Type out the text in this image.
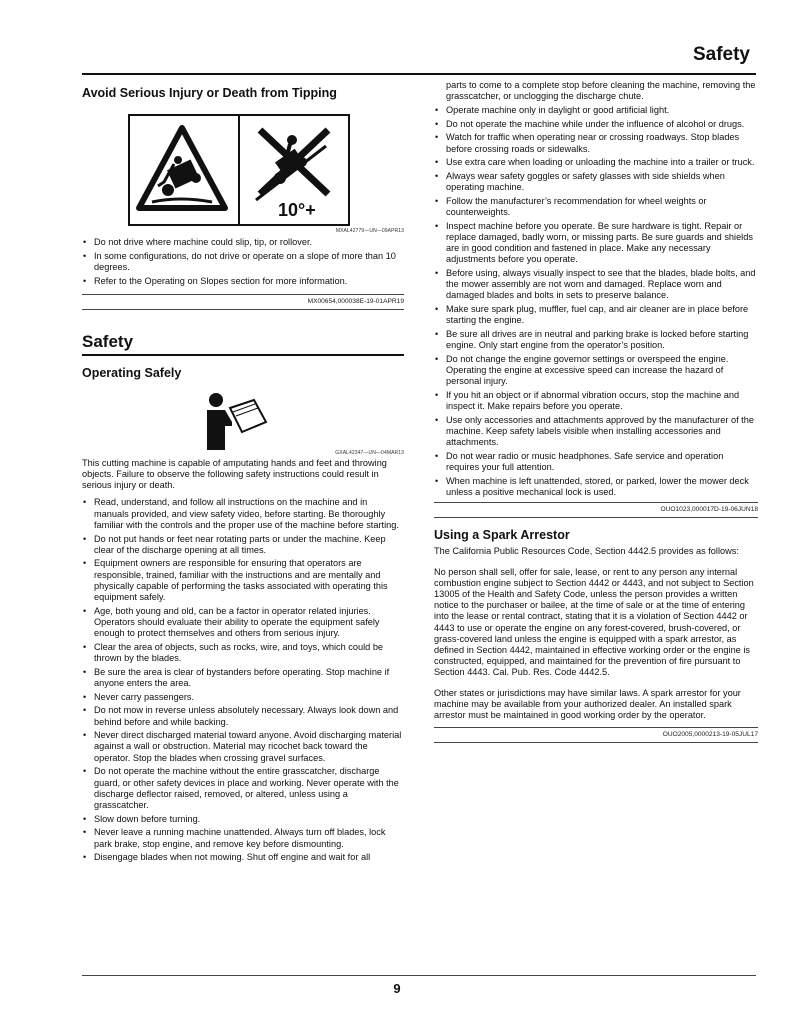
Safety
Avoid Serious Injury or Death from Tipping
10°+
MXAL42779—UN—09APR13
• Do not drive where machine could slip, tip, or rollover.
• In some configurations, do not drive or operate on a slope of more than 10 degrees.
• Refer to the Operating on Slopes section for more information.
MX00654,000038E-19-01APR19
Safety
Operating Safely
GXAL42347—UN—04MAR13

This cutting machine is capable of amputating hands and feet and throwing objects. Failure to observe the following safety instructions could result in serious injury or death.

• Read, understand, and follow all instructions on the machine and in manuals provided, and view safety video, before starting. Be thoroughly familiar with the controls and the proper use of the machine before starting.
• Do not put hands or feet near rotating parts or under the machine. Keep clear of the discharge opening at all times.
• Equipment owners are responsible for ensuring that operators are responsible, trained, familiar with the instructions and are mentally and physically capable of performing the tasks associated with operating this equipment safely.
• Age, both young and old, can be a factor in operator related injuries. Operators should evaluate their ability to operate the equipment safely enough to protect themselves and others from serious injury.
• Clear the area of objects, such as rocks, wire, and toys, which could be thrown by the blades.
• Be sure the area is clear of bystanders before operating. Stop machine if anyone enters the area.
• Never carry passengers.
• Do not mow in reverse unless absolutely necessary. Always look down and behind before and while backing.
• Never direct discharged material toward anyone. Avoid discharging material against a wall or obstruction. Material may ricochet back toward the operator. Stop the blades when crossing gravel surfaces.
• Do not operate the machine without the entire grasscatcher, discharge guard, or other safety devices in place and working. Never operate with the discharge deflector raised, removed, or altered, unless using a grasscatcher.
• Slow down before turning.
• Never leave a running machine unattended. Always turn off blades, lock park brake, stop engine, and remove key before dismounting.
• Disengage blades when not mowing. Shut off engine and wait for all

parts to come to a complete stop before cleaning the machine, removing the grasscatcher, or unclogging the discharge chute.

• Operate machine only in daylight or good artificial light.
• Do not operate the machine while under the influence of alcohol or drugs.
• Watch for traffic when operating near or crossing roadways. Stop blades before crossing roads or sidewalks.
• Use extra care when loading or unloading the machine into a trailer or truck.
• Always wear safety goggles or safety glasses with side shields when operating machine.
• Follow the manufacturer’s recommendation for wheel weights or counterweights.
• Inspect machine before you operate. Be sure hardware is tight. Repair or replace damaged, badly worn, or missing parts. Be sure guards and shields are in good condition and fastened in place. Make any necessary adjustments before you operate.
• Before using, always visually inspect to see that the blades, blade bolts, and the mower assembly are not worn and damaged. Replace worn and damaged blades and bolts in sets to preserve balance.
• Make sure spark plug, muffler, fuel cap, and air cleaner are in place before starting the engine.
• Be sure all drives are in neutral and parking brake is locked before starting engine. Only start engine from the operator’s position.
• Do not change the engine governor settings or overspeed the engine. Operating the engine at excessive speed can increase the hazard of personal injury.
• If you hit an object or if abnormal vibration occurs, stop the machine and inspect it. Make repairs before you operate.
• Use only accessories and attachments approved by the manufacturer of the machine. Keep safety labels visible when installing accessories and attachments.
• Do not wear radio or music headphones. Safe service and operation requires your full attention.
• When machine is left unattended, stored, or parked, lower the mower deck unless a positive mechanical lock is used.
OUO1023,000017D-19-06JUN18
Using a Spark Arrestor

The California Public Resources Code, Section 4442.5 provides as follows:

No person shall sell, offer for sale, lease, or rent to any person any internal combustion engine subject to Section 4442 or 4443, and not subject to Section 13005 of the Health and Safety Code, unless the person provides a written notice to the purchaser or bailee, at the time of sale or at the time of entering into the lease or rental contract, stating that it is a violation of Section 4442 or 4443 to use or operate the engine on any forest-covered, brush-covered, or grass-covered land unless the engine is equipped with a spark arrestor, as defined in Section 4442, maintained in effective working order or the engine is constructed, equipped, and maintained for the prevention of fire pursuant to Section 4443. Cal. Pub. Res. Code 4442.5.

Other states or jurisdictions may have similar laws. A spark arrestor for your machine may be available from your authorized dealer. An installed spark arrestor must be maintained in good working order by the operator.

OUO2005,0000213-19-05JUL17
9
